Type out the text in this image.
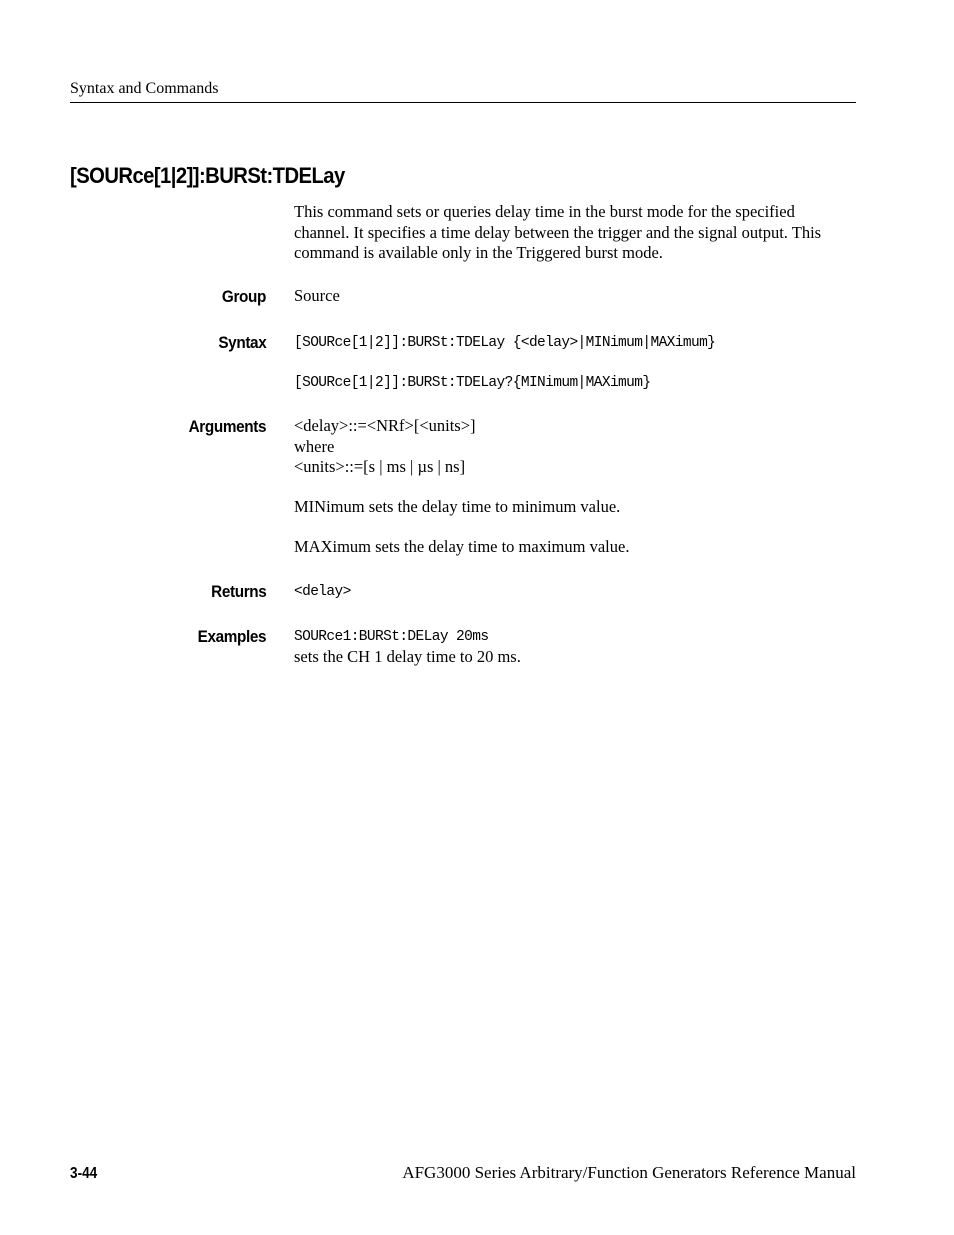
Syntax and Commands
[SOURce[1|2]]:BURSt:TDELay
This command sets or queries delay time in the burst mode for the specified
channel. It specifies a time delay between the trigger and the signal output. This
command is available only in the Triggered burst mode.
Group Source
Syntax [SOURce[1|2]]:BURSt:TDELay {<delay>|MINimum|MAXimum}
[SOURce[1|2]]:BURSt:TDELay?{MINimum|MAXimum}
Arguments <delay>::=<NRf>[<units>]
where
<units>::=[s | ms | µs | ns]
MINimum sets the delay time to minimum value.
MAXimum sets the delay time to maximum value.
Returns <delay>
Examples SOURce1:BURSt:DELay 20ms
sets the CH 1 delay time to 20 ms.
3-44	AFG3000 Series Arbitrary/Function Generators Reference Manual
